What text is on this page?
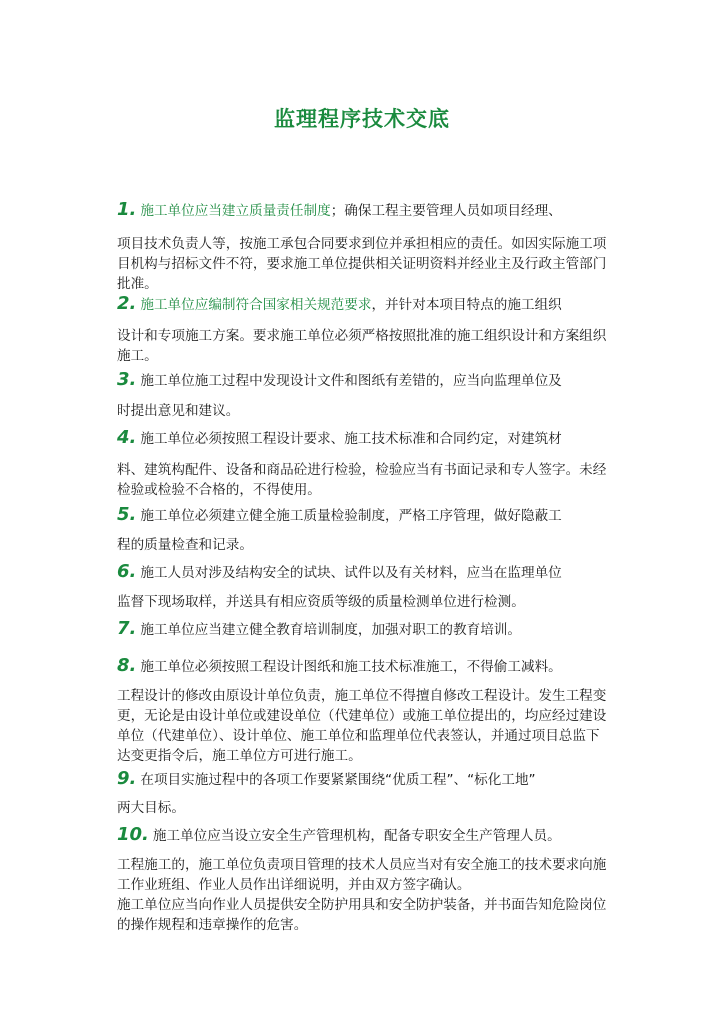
监理程序技术交底

1. 施工单位应当建立质量责任制度；确保工程主要管理人员如项目经理、

项目技术负责人等，按施工承包合同要求到位并承担相应的责任。如因实际施工项目机构与招标文件不符，要求施工单位提供相关证明资料并经业主及行政主管部门批准。

2. 施工单位应编制符合国家相关规范要求，并针对本项目特点的施工组织

设计和专项施工方案。要求施工单位必须严格按照批准的施工组织设计和方案组织施工。

3. 施工单位施工过程中发现设计文件和图纸有差错的，应当向监理单位及

时提出意见和建议。

4. 施工单位必须按照工程设计要求、施工技术标准和合同约定，对建筑材

料、建筑构配件、设备和商品砼进行检验，检验应当有书面记录和专人签字。未经检验或检验不合格的，不得使用。

5. 施工单位必须建立健全施工质量检验制度，严格工序管理，做好隐蔽工

程的质量检查和记录。

6. 施工人员对涉及结构安全的试块、试件以及有关材料，应当在监理单位

监督下现场取样，并送具有相应资质等级的质量检测单位进行检测。

7. 施工单位应当建立健全教育培训制度，加强对职工的教育培训。

8. 施工单位必须按照工程设计图纸和施工技术标准施工，不得偷工减料。

工程设计的修改由原设计单位负责，施工单位不得擅自修改工程设计。发生工程变更，无论是由设计单位或建设单位（代建单位）或施工单位提出的，均应经过建设单位（代建单位）、设计单位、施工单位和监理单位代表签认，并通过项目总监下达变更指令后，施工单位方可进行施工。

9. 在项目实施过程中的各项工作要紧紧围绕“优质工程”、“标化工地”

两大目标。

10. 施工单位应当设立安全生产管理机构，配备专职安全生产管理人员。

工程施工的，施工单位负责项目管理的技术人员应当对有安全施工的技术要求向施工作业班组、作业人员作出详细说明，并由双方签字确认。

施工单位应当向作业人员提供安全防护用具和安全防护装备，并书面告知危险岗位的操作规程和违章操作的危害。
